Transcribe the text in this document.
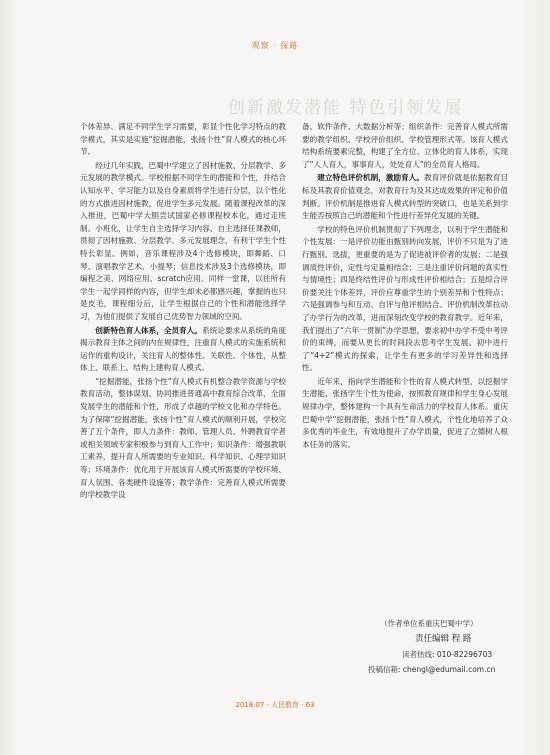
观察 · 探路
创新激发潜能 特色引领发展

个体差异、满足不同学生学习需要，彰显个性化学习特点的教学模式，其实是实施“挖掘潜能，张扬个性”育人模式的核心环节。

经过几年实践，巴蜀中学建立了因材施教、分层教学、多元发展的教学模式。学校根据不同学生的潜能和个性，并结合认知水平、学习能力以及自身素质将学生进行分层，以个性化的方式推进因材施教，促进学生多元发展。随着课程改革的深入推进，巴蜀中学大胆尝试国家必修课程校本化，通过走班制、小班化，让学生自主选择学习内容、自主选择任课教师，贯彻了因材施教、分层教学、多元发展理念，有利于学生个性特长彰显。例如，音乐课程涉及4个选修模块，即舞蹈、口琴、演唱教学艺术、小提琴；信息技术涉及3个选修模块，即编程之美、网络应用、scratch应用。同样一堂课，以往所有学生一起学同样的内容，但学生却未必都感兴趣，掌握的也只是皮毛，课程细分后，让学生根据自己的个性和潜能选择学习，为他们提供了发展自己优势智力领域的空间。

创新特色育人体系，全员育人。系统论要求从系统的角度揭示教育主体之间的内在规律性，注重育人模式的实施系统和运作的重构设计，关注育人的整体性、关联性、个体性，从整体上、联系上、结构上建构育人模式。

“挖掘潜能，张扬个性”育人模式有机整合教学资源与学校教育活动，整体谋划、协同推进普通高中教育综合改革，全面发展学生的潜能和个性，形成了卓越的学校文化和办学特色。为了保障“挖掘潜能，张扬个性”育人模式的顺利开展，学校完善了五个条件，即人力条件：教师、管理人员、外聘教育学者或相关领域专家积极参与到育人工作中；知识条件：增强教职工素养，提升育人所需要的专业知识、科学知识、心理学知识等；环境条件：优化用于开展该育人模式所需要的学校环境、育人氛围、各类硬件设施等；教学条件：完善育人模式所需要的学校教学设

备、软件条件、大数据分析等；组织条件：完善育人模式所需要的教学组织、学校评价组织、学校管理形式等。该育人模式结构系统要素完整，构建了全方位、立体化的育人体系，实现了“人人育人，事事育人，处处育人”的全员育人格局。

建立特色评价机制，激励育人。教育评价就是依据教育目标及其教育价值观念，对教育行为及其达成效果的评定和价值判断。评价机制是推进育人模式转型的突破口，也是关系到学生能否按照自己的潜能和个性进行差异化发展的关键。

学校的特色评价机制贯彻了下列理念，以利于学生潜能和个性发展：一是评价功能由甄别转向发展，评价不只是为了进行甄别、选拔，更重要的是为了促进被评价者的发展；二是强调质性评价，定性与定量相结合；三是注重评价问题的真实性与情境性；四是终结性评价与形成性评价相结合；五是综合评价要关注个体差异，评价应尊重学生的个别差异和个性特点；六是强调参与和互动、自评与他评相结合。评价机制改革拉动了办学行为的改革，进而深刻改变学校的教育教学。近年来，我们提出了“六年一贯制”办学思想，要求初中办学不受中考评价的束缚，而要从更长的时间段去思考学生发展。初中进行了“4+2”模式的探索，让学生有更多的学习差异性和选择性。

近年来，指向学生潜能和个性的育人模式转型，以挖掘学生潜能、张扬学生个性为使命，按照教育规律和学生身心发展规律办学，整体建构一个具有生命活力的学校育人体系。重庆巴蜀中学“挖掘潜能，张扬个性”育人模式，个性化地培养了众多优秀的毕业生，有效地提升了办学质量，促进了立德树人根本任务的落实。

（作者单位系重庆巴蜀中学）
责任编辑 程 路
读者热线: 010-82296703
投稿信箱: chengl@edumail.com.cn
2018.07 · 人民教育 · 63
